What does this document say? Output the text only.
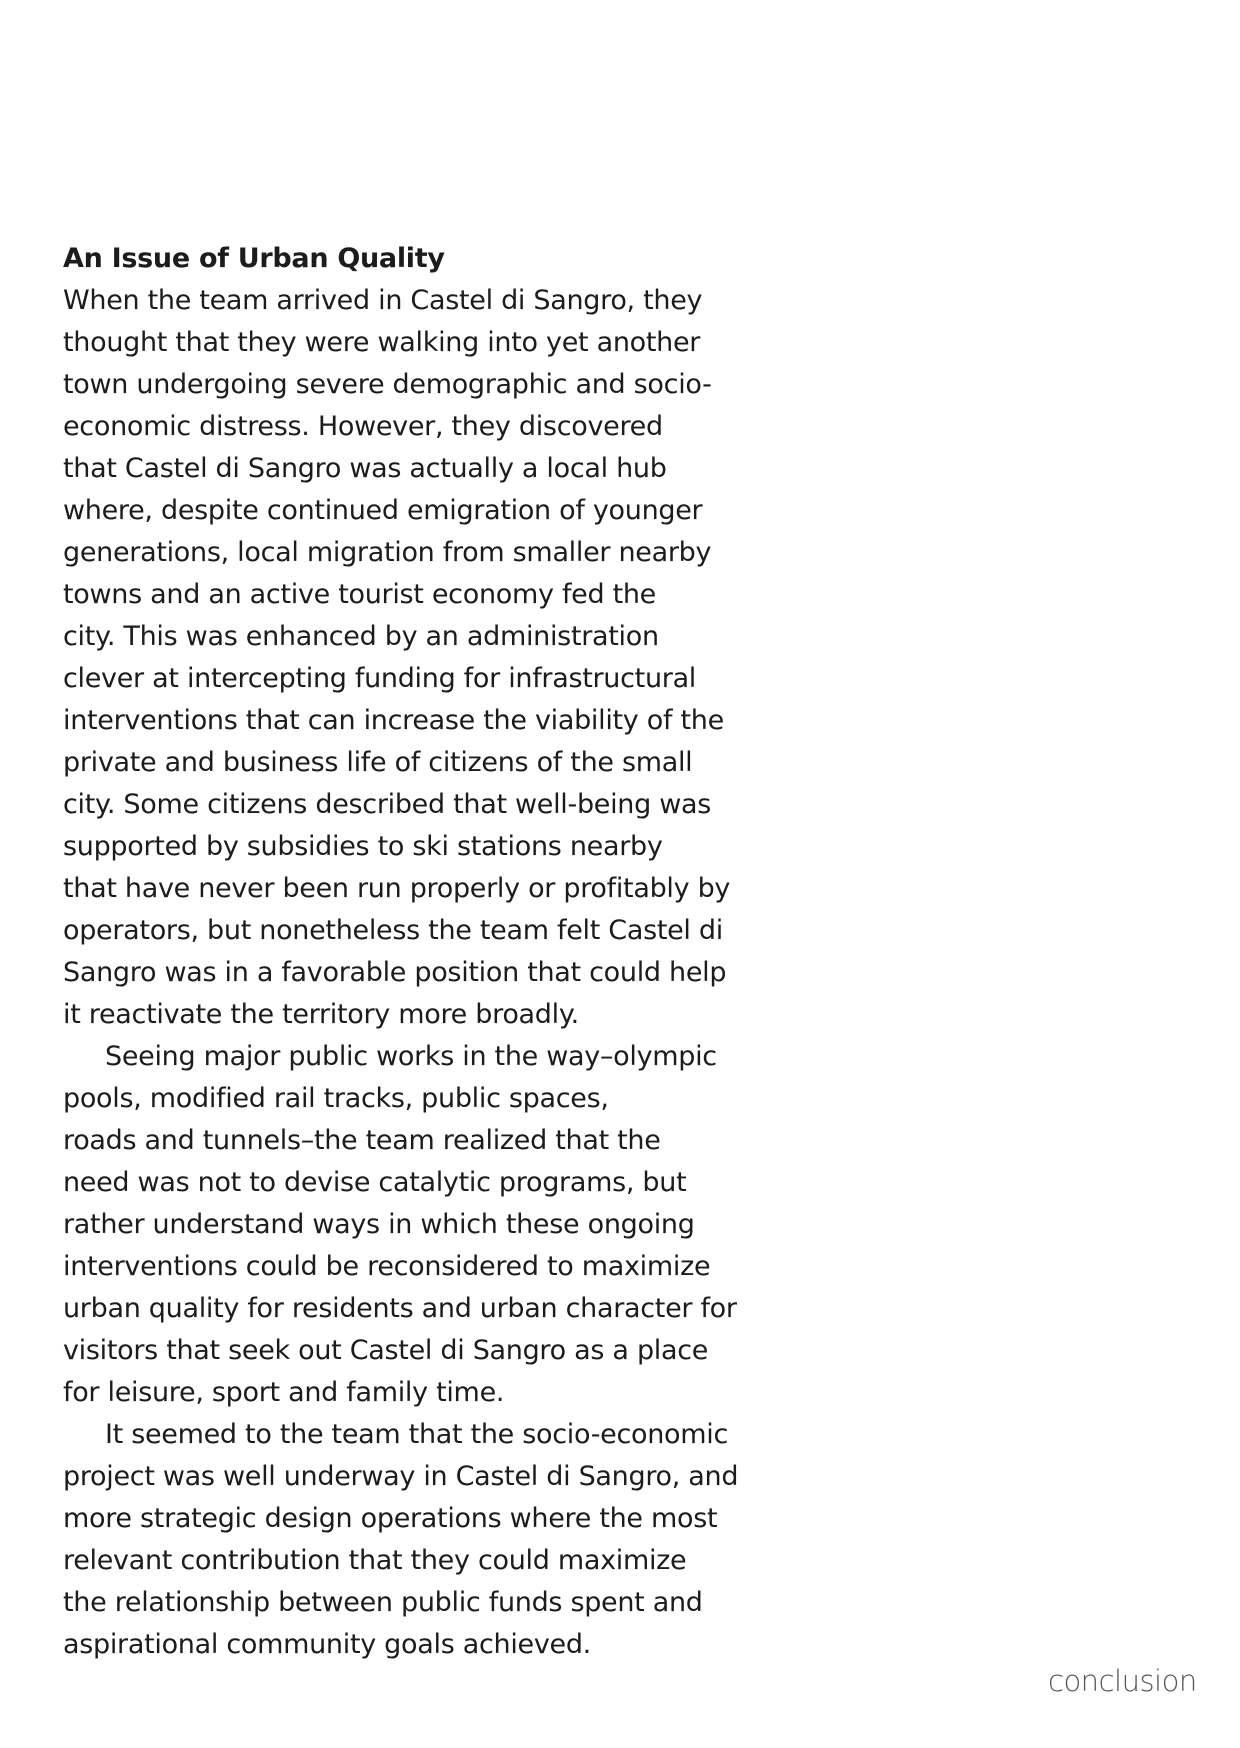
An Issue of Urban Quality
When the team arrived in Castel di Sangro, they
thought that they were walking into yet another
town undergoing severe demographic and socio-
economic distress. However, they discovered
that Castel di Sangro was actually a local hub
where, despite continued emigration of younger
generations, local migration from smaller nearby
towns and an active tourist economy fed the
city. This was enhanced by an administration
clever at intercepting funding for infrastructural
interventions that can increase the viability of the
private and business life of citizens of the small
city. Some citizens described that well-being was
supported by subsidies to ski stations nearby
that have never been run properly or profitably by
operators, but nonetheless the team felt Castel di
Sangro was in a favorable position that could help
it reactivate the territory more broadly.
Seeing major public works in the way–olympic
pools, modified rail tracks, public spaces,
roads and tunnels–the team realized that the
need was not to devise catalytic programs, but
rather understand ways in which these ongoing
interventions could be reconsidered to maximize
urban quality for residents and urban character for
visitors that seek out Castel di Sangro as a place
for leisure, sport and family time.
It seemed to the team that the socio-economic
project was well underway in Castel di Sangro, and
more strategic design operations where the most
relevant contribution that they could maximize
the relationship between public funds spent and
aspirational community goals achieved.
conclusion
